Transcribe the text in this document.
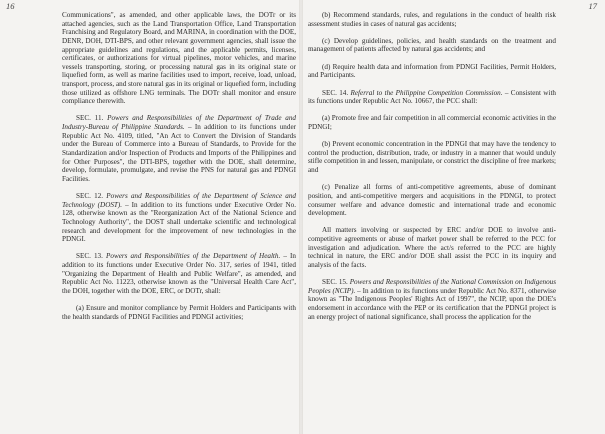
16

Communications", as amended, and other applicable laws, the DOTr or its attached agencies, such as the Land Transportation Office, Land Transportation Franchising and Regulatory Board, and MARINA, in coordination with the DOE, DENR, DOH, DTI-BPS, and other relevant government agencies, shall issue the appropriate guidelines and regulations, and the applicable permits, licenses, certificates, or authorizations for virtual pipelines, motor vehicles, and marine vessels transporting, storing, or processing natural gas in its original state or liquefied form, as well as marine facilities used to import, receive, load, unload, transport, process, and store natural gas in its original or liquefied form, including those utilized as offshore LNG terminals. The DOTr shall monitor and ensure compliance therewith.

SEC. 11. Powers and Responsibilities of the Department of Trade and Industry-Bureau of Philippine Standards. – In addition to its functions under Republic Act No. 4109, titled, "An Act to Convert the Division of Standards under the Bureau of Commerce into a Bureau of Standards, to Provide for the Standardization and/or Inspection of Products and Imports of the Philippines and for Other Purposes", the DTI-BPS, together with the DOE, shall determine, develop, formulate, promulgate, and revise the PNS for natural gas and PDNGI Facilities.

SEC. 12. Powers and Responsibilities of the Department of Science and Technology (DOST). – In addition to its functions under Executive Order No. 128, otherwise known as the "Reorganization Act of the National Science and Technology Authority", the DOST shall undertake scientific and technological research and development for the improvement of new technologies in the PDNGI.

SEC. 13. Powers and Responsibilities of the Department of Health. – In addition to its functions under Executive Order No. 317, series of 1941, titled "Organizing the Department of Health and Public Welfare", as amended, and Republic Act No. 11223, otherwise known as the "Universal Health Care Act", the DOH, together with the DOE, ERC, or DOTr, shall:

(a) Ensure and monitor compliance by Permit Holders and Participants with the health standards of PDNGI Facilities and PDNGI activities;

17

(b) Recommend standards, rules, and regulations in the conduct of health risk assessment studies in cases of natural gas accidents;

(c) Develop guidelines, policies, and health standards on the treatment and management of patients affected by natural gas accidents; and

(d) Require health data and information from PDNGI Facilities, Permit Holders, and Participants.

SEC. 14. Referral to the Philippine Competition Commission. – Consistent with its functions under Republic Act No. 10667, the PCC shall:

(a) Promote free and fair competition in all commercial economic activities in the PDNGI;

(b) Prevent economic concentration in the PDNGI that may have the tendency to control the production, distribution, trade, or industry in a manner that would unduly stifle competition in and lessen, manipulate, or constrict the discipline of free markets; and

(c) Penalize all forms of anti-competitive agreements, abuse of dominant position, and anti-competitive mergers and acquisitions in the PDNGI, to protect consumer welfare and advance domestic and international trade and economic development.

All matters involving or suspected by ERC and/or DOE to involve anti-competitive agreements or abuse of market power shall be referred to the PCC for investigation and adjudication. Where the act/s referred to the PCC are highly technical in nature, the ERC and/or DOE shall assist the PCC in its inquiry and analysis of the facts.

SEC. 15. Powers and Responsibilities of the National Commission on Indigenous Peoples (NCIP). – In addition to its functions under Republic Act No. 8371, otherwise known as "The Indigenous Peoples' Rights Act of 1997", the NCIP, upon the DOE's endorsement in accordance with the PEP or its certification that the PDNGI project is an energy project of national significance, shall process the application for the
